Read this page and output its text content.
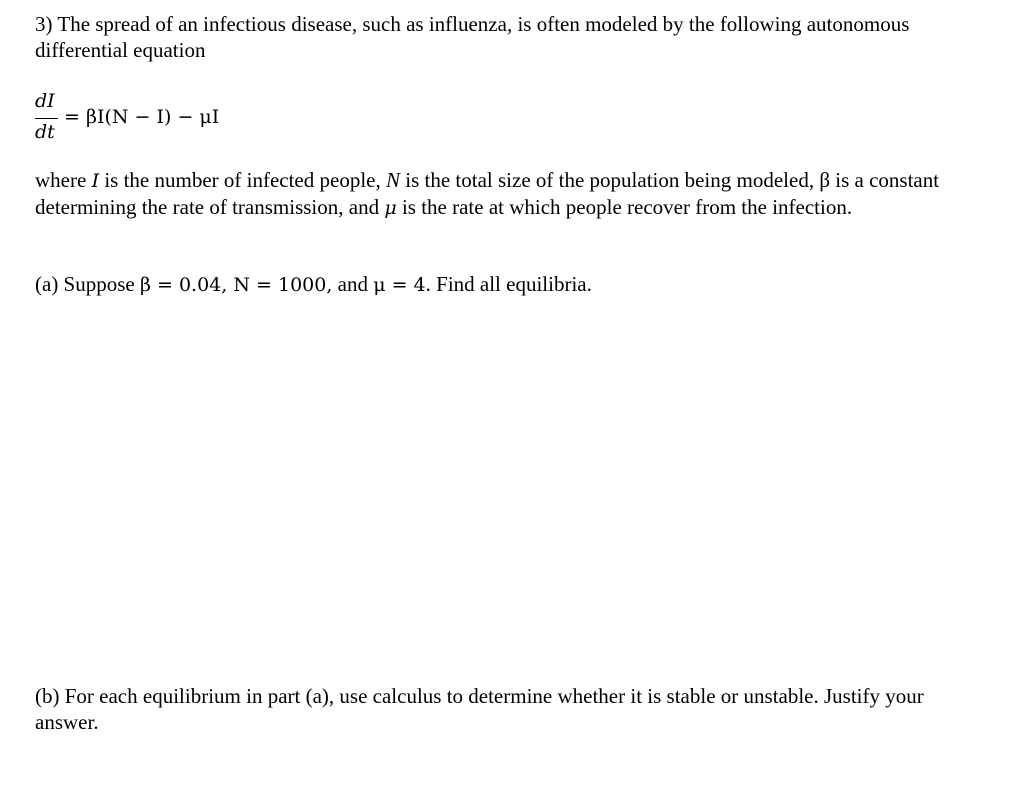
3) The spread of an infectious disease, such as influenza, is often modeled by the following autonomous differential equation

dI
dt
= βI(N − I) − μI

where I is the number of infected people, N is the total size of the population being modeled, β is a constant determining the rate of transmission, and μ is the rate at which people recover from the infection.

(a) Suppose β = 0.04, N = 1000, and μ = 4. Find all equilibria.

(b) For each equilibrium in part (a), use calculus to determine whether it is stable or unstable. Justify your answer.
